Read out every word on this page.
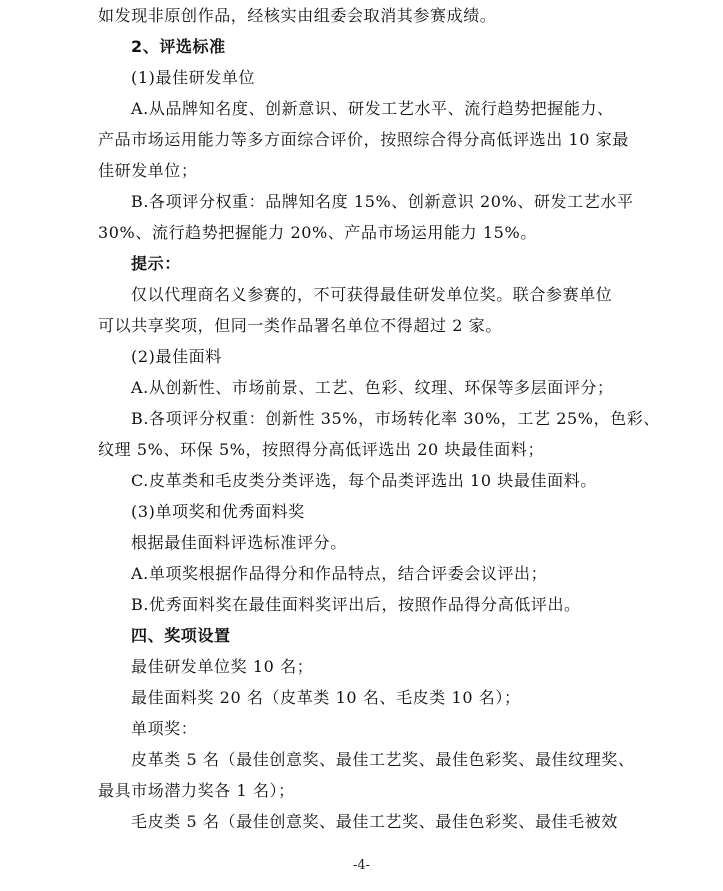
如发现非原创作品，经核实由组委会取消其参赛成绩。
2、评选标准
(1)最佳研发单位
A.从品牌知名度、创新意识、研发工艺水平、流行趋势把握能力、
产品市场运用能力等多方面综合评价，按照综合得分高低评选出 10 家最
佳研发单位；
B.各项评分权重：品牌知名度 15%、创新意识 20%、研发工艺水平
30%、流行趋势把握能力 20%、产品市场运用能力 15%。
提示：
仅以代理商名义参赛的，不可获得最佳研发单位奖。联合参赛单位
可以共享奖项，但同一类作品署名单位不得超过 2 家。
(2)最佳面料
A.从创新性、市场前景、工艺、色彩、纹理、环保等多层面评分；
B.各项评分权重：创新性 35%，市场转化率 30%，工艺 25%，色彩、
纹理 5%、环保 5%，按照得分高低评选出 20 块最佳面料；
C.皮革类和毛皮类分类评选，每个品类评选出 10 块最佳面料。
(3)单项奖和优秀面料奖
根据最佳面料评选标准评分。
A.单项奖根据作品得分和作品特点，结合评委会议评出；
B.优秀面料奖在最佳面料奖评出后，按照作品得分高低评出。
四、奖项设置
最佳研发单位奖 10 名；
最佳面料奖 20 名（皮革类 10 名、毛皮类 10 名）；
单项奖：
皮革类 5 名（最佳创意奖、最佳工艺奖、最佳色彩奖、最佳纹理奖、
最具市场潜力奖各 1 名）；
毛皮类 5 名（最佳创意奖、最佳工艺奖、最佳色彩奖、最佳毛被效
-4-
